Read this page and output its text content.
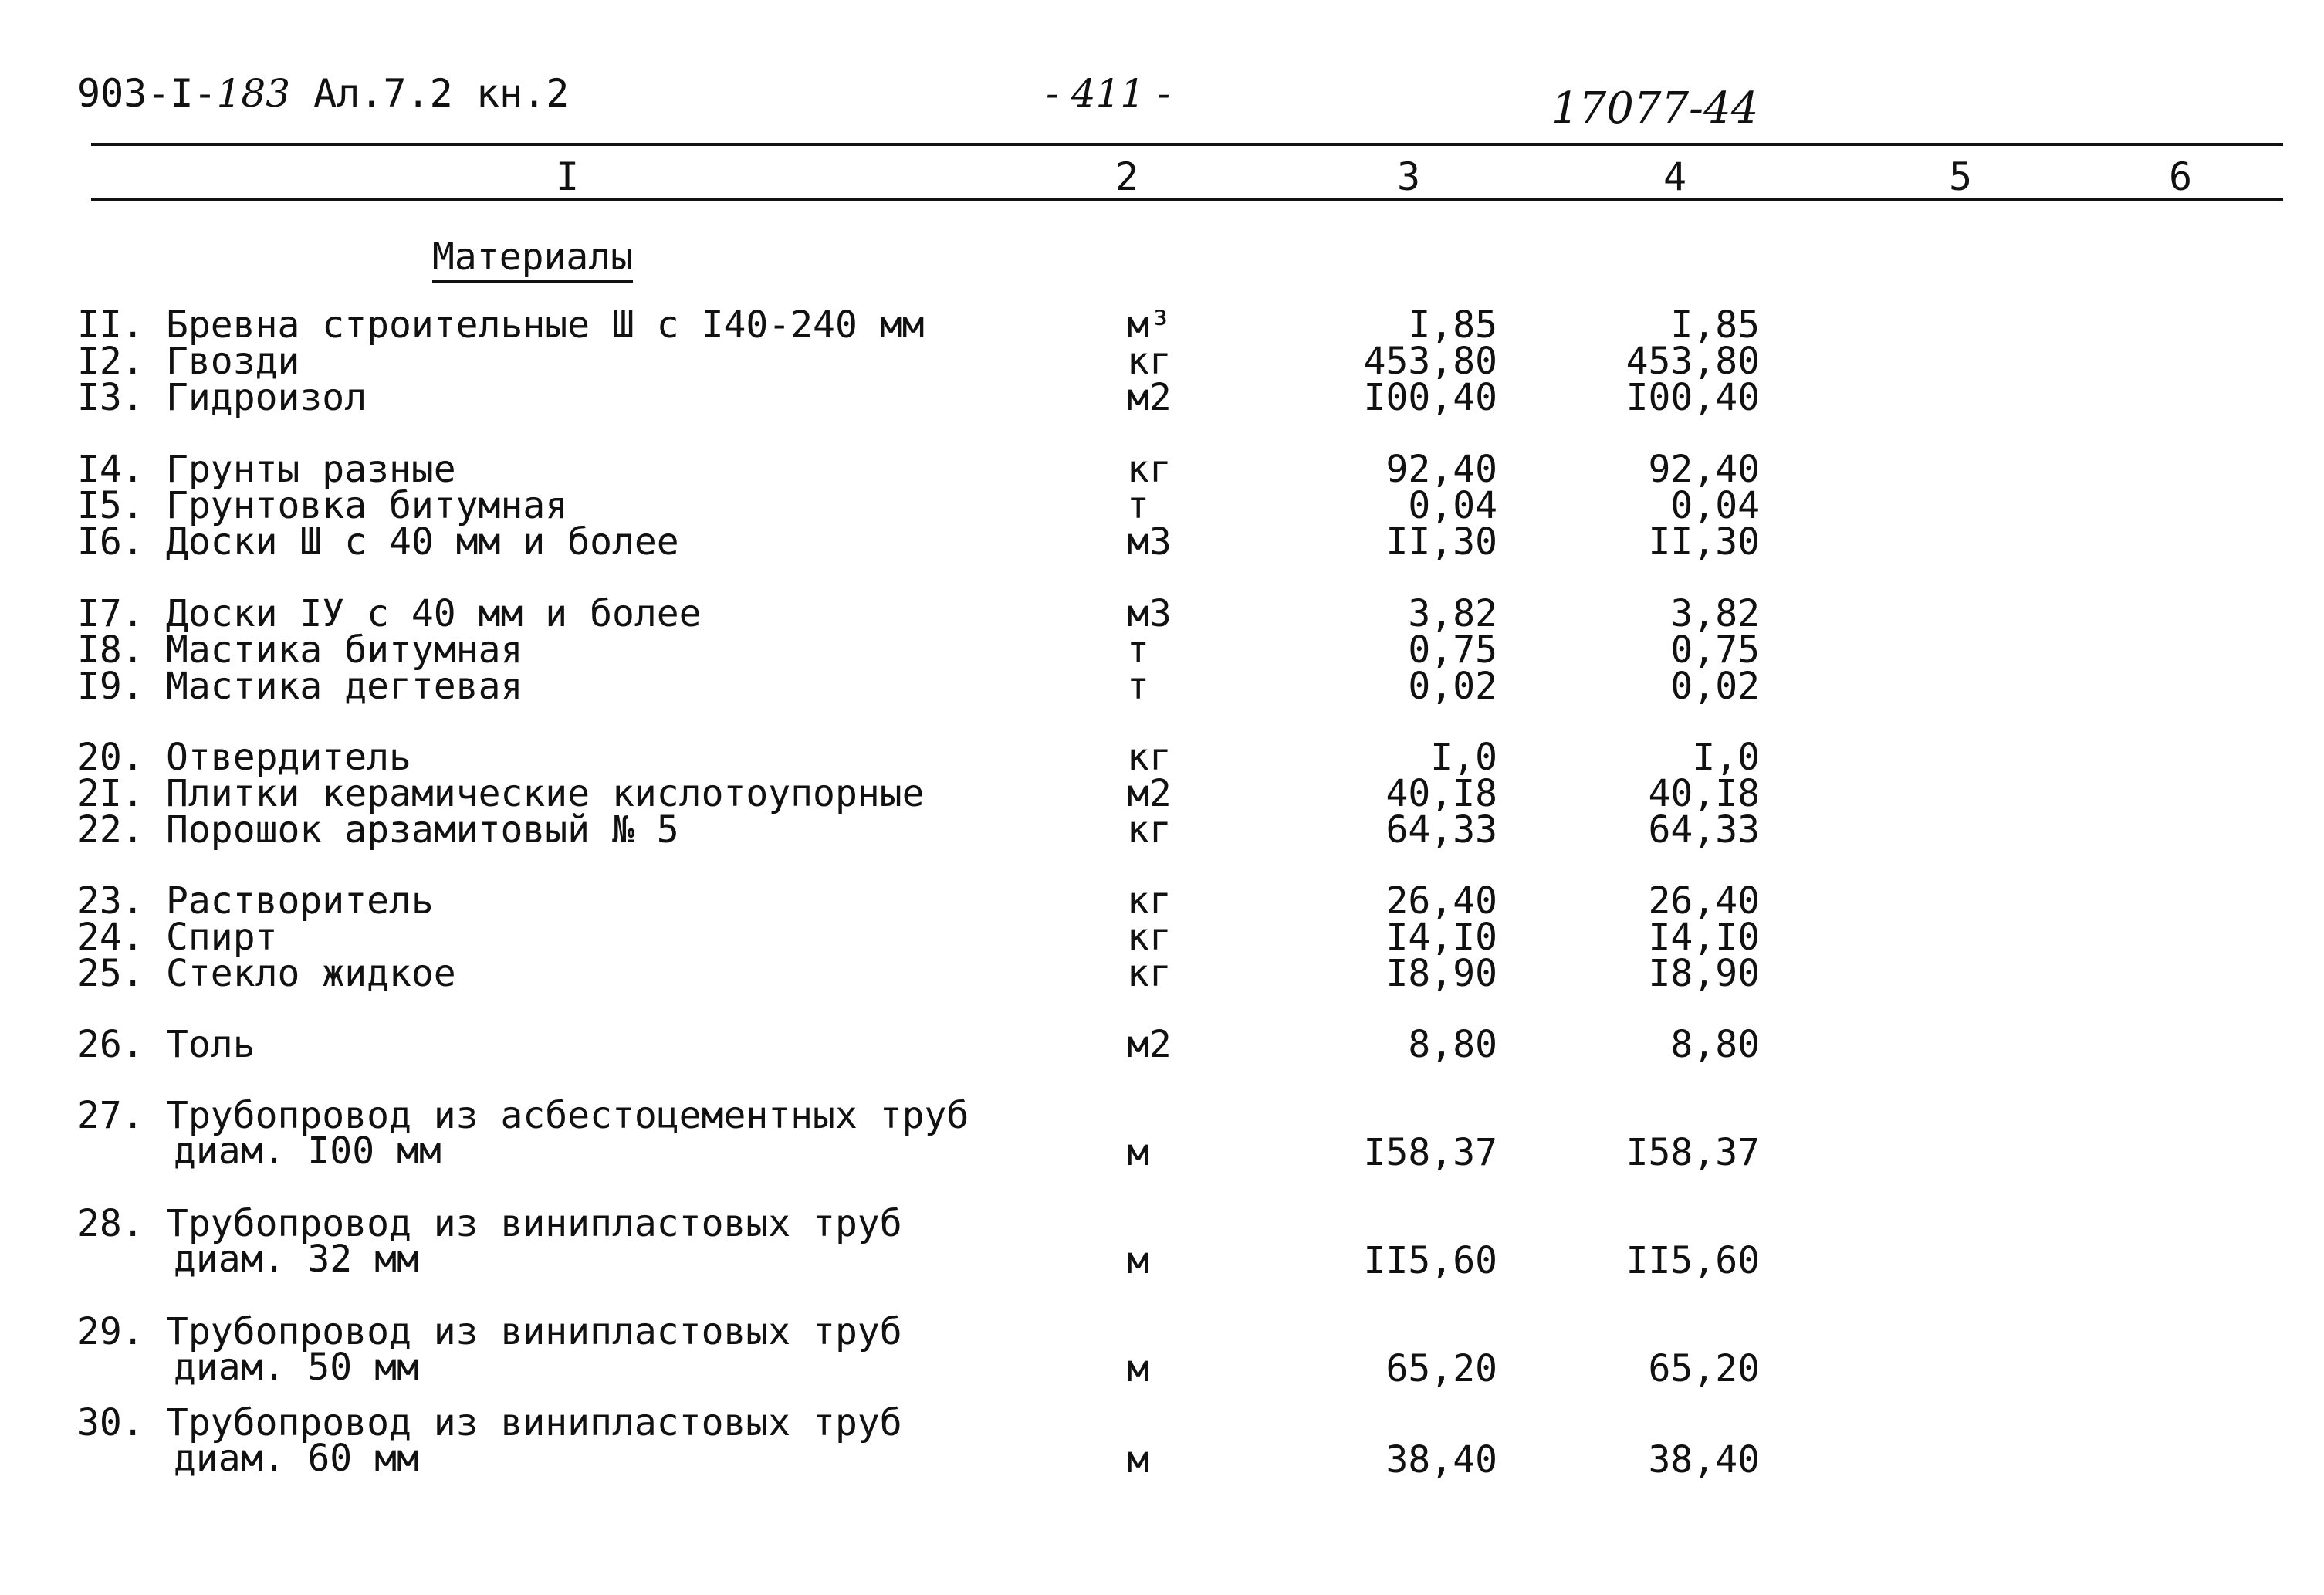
903-I-183 Ал.7.2 кн.2	- 411 -	17077-44
I	2	3	4	5	6
Материалы
II. Бревна строительные Ш с I40-240 мм	м³	I,85	I,85
I2. Гвозди	кг	453,80	453,80
I3. Гидроизол	м2	I00,40	I00,40
I4. Грунты разные	кг	92,40	92,40
I5. Грунтовка битумная	т	0,04	0,04
I6. Доски Ш с 40 мм и более	м3	II,30	II,30
I7. Доски IУ с 40 мм и более	м3	3,82	3,82
I8. Мастика битумная	т	0,75	0,75
I9. Мастика дегтевая	т	0,02	0,02
20. Отвердитель	кг	I,0	I,0
2I. Плитки керамические кислотоупорные	м2	40,I8	40,I8
22. Порошок арзамитовый № 5	кг	64,33	64,33
23. Растворитель	кг	26,40	26,40
24. Спирт	кг	I4,I0	I4,I0
25. Стекло жидкое	кг	I8,90	I8,90
26. Толь	м2	8,80	8,80
27. Трубопровод из асбестоцементных труб
диам. I00 мм	м	I58,37	I58,37
28. Трубопровод из винипластовых труб
диам. 32 мм	м	II5,60	II5,60
29. Трубопровод из винипластовых труб
диам. 50 мм	м	65,20	65,20
30. Трубопровод из винипластовых труб
диам. 60 мм	м	38,40	38,40
